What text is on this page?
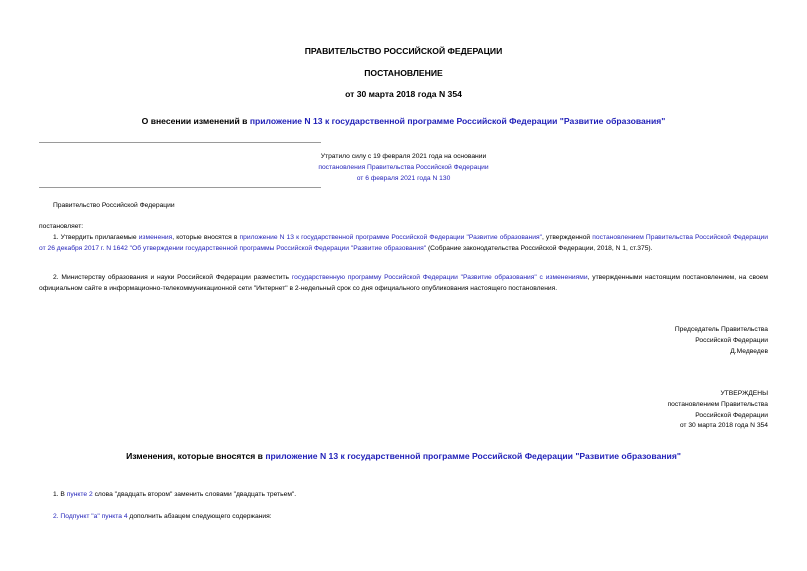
ПРАВИТЕЛЬСТВО РОССИЙСКОЙ ФЕДЕРАЦИИ
ПОСТАНОВЛЕНИЕ
от 30 марта 2018 года N 354
О внесении изменений в приложение N 13 к государственной программе Российской Федерации "Развитие образования"
Утратило силу с 19 февраля 2021 года на основании
постановления Правительства Российской Федерации
от 6 февраля 2021 года N 130
Правительство Российской Федерации
постановляет:
1. Утвердить прилагаемые изменения, которые вносятся в приложение N 13 к государственной программе Российской Федерации "Развитие образования", утвержденной постановлением Правительства Российской Федерации от 26 декабря 2017 г. N 1642 "Об утверждении государственной программы Российской Федерации "Развитие образования" (Собрание законодательства Российской Федерации, 2018, N 1, ст.375).
2. Министерству образования и науки Российской Федерации разместить государственную программу Российской Федерации "Развитие образования" с изменениями, утвержденными настоящим постановлением, на своем официальном сайте в информационно-телекоммуникационной сети "Интернет" в 2-недельный срок со дня официального опубликования настоящего постановления.
Председатель Правительства
Российской Федерации
Д.Медведев
УТВЕРЖДЕНЫ
постановлением Правительства
Российской Федерации
от 30 марта 2018 года N 354
Изменения, которые вносятся в приложение N 13 к государственной программе Российской Федерации "Развитие образования"
1. В пункте 2 слова "двадцать втором" заменить словами "двадцать третьем".
2. Подпункт "а" пункта 4 дополнить абзацем следующего содержания:
